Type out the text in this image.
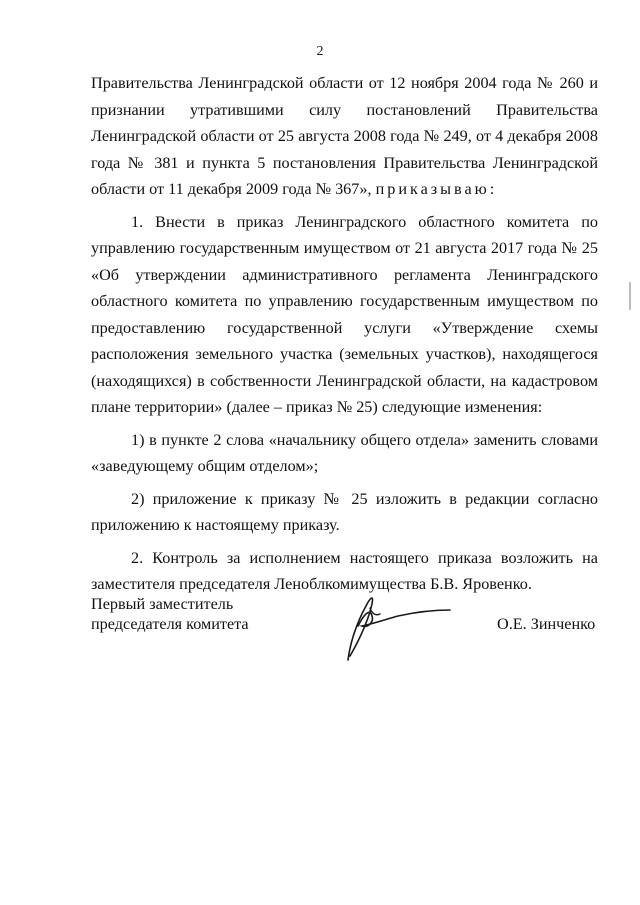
2

Правительства Ленинградской области от 12 ноября 2004 года № 260 и признании утратившими силу постановлений Правительства Ленинградской области от 25 августа 2008 года № 249, от 4 декабря 2008 года № 381 и пункта 5 постановления Правительства Ленинградской области от 11 декабря 2009 года № 367», приказываю:

1. Внести в приказ Ленинградского областного комитета по управлению государственным имуществом от 21 августа 2017 года № 25 «Об утверждении административного регламента Ленинградского областного комитета по управлению государственным имуществом по предоставлению государственной услуги «Утверждение схемы расположения земельного участка (земельных участков), находящегося (находящихся) в собственности Ленинградской области, на кадастровом плане территории» (далее – приказ № 25) следующие изменения:

1) в пункте 2 слова «начальнику общего отдела» заменить словами «заведующему общим отделом»;

2) приложение к приказу № 25 изложить в редакции согласно приложению к настоящему приказу.

2. Контроль за исполнением настоящего приказа возложить на заместителя председателя Леноблкомимущества Б.В. Яровенко.

Первый заместитель
председателя комитета	О.Е. Зинченко
